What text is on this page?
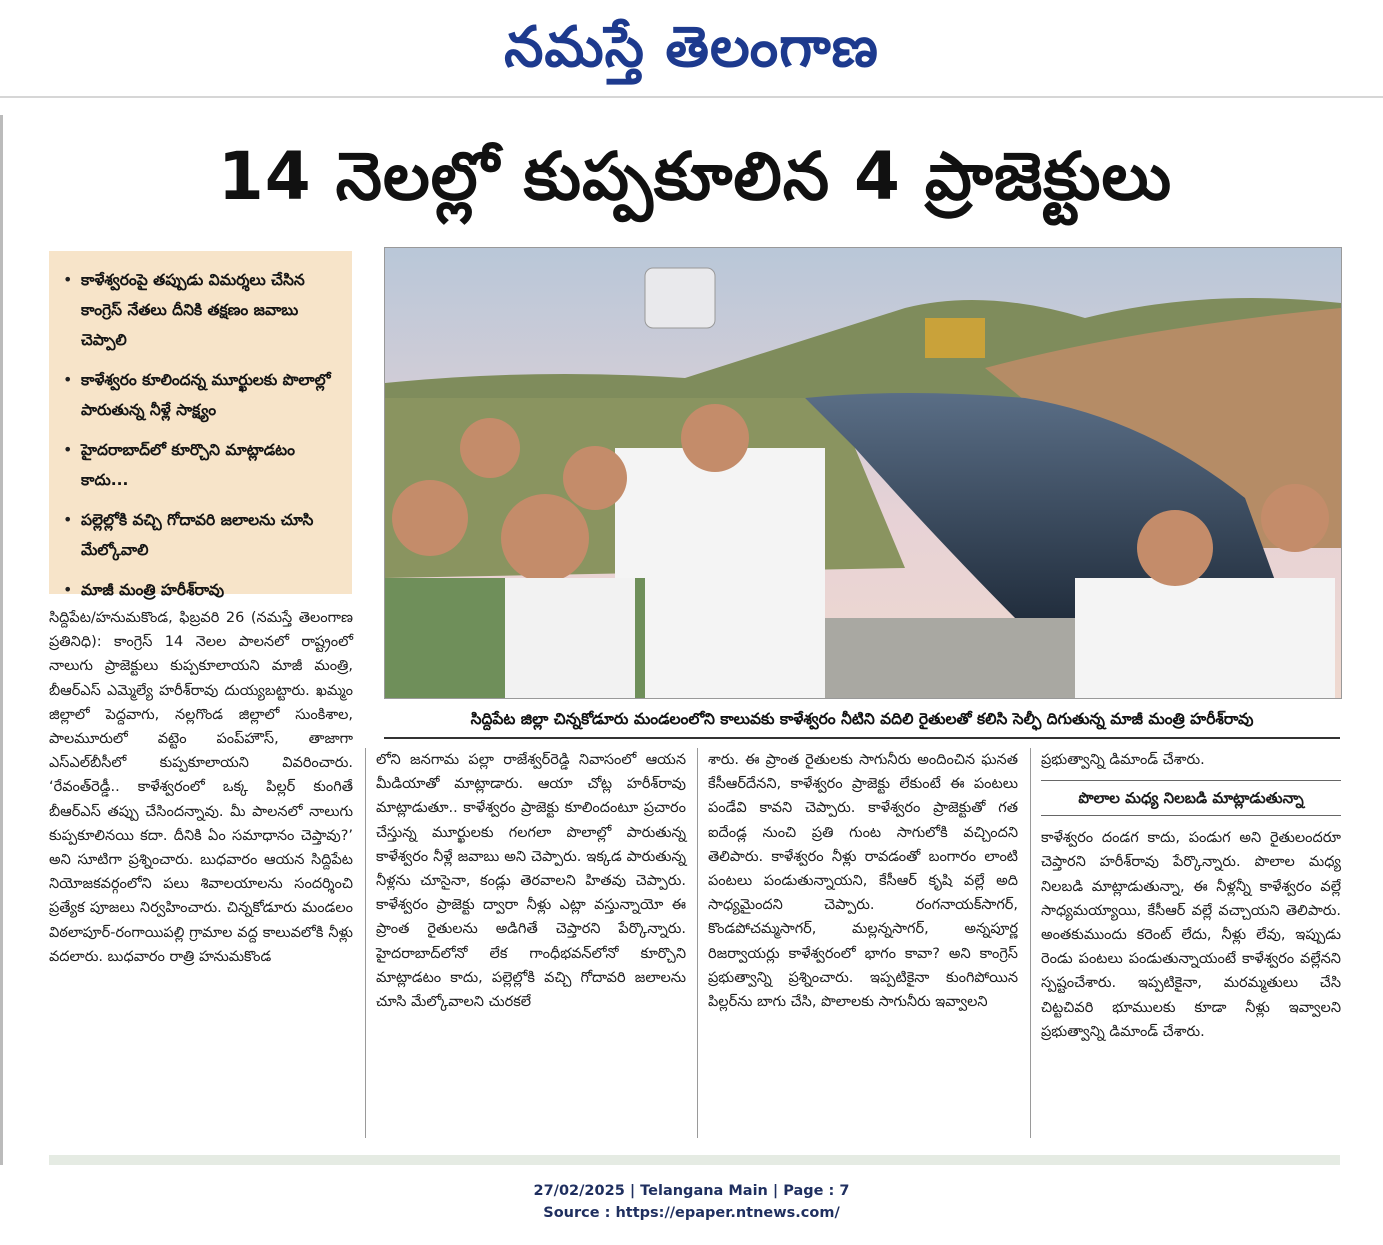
నమస్తే తెలంగాణ
14 నెలల్లో కుప్పకూలిన 4 ప్రాజెక్టులు
• కాళేశ్వరంపై తప్పుడు విమర్శలు చేసిన కాంగ్రెస్ నేతలు దీనికి తక్షణం జవాబు చెప్పాలి
• కాళేశ్వరం కూలిందన్న మూర్ఖులకు పొలాల్లో పారుతున్న నీళ్లే సాక్ష్యం
• హైదరాబాద్‌లో కూర్చొని మాట్లాడటం కాదు...
• పల్లెల్లోకి వచ్చి గోదావరి జలాలను చూసి మేల్కోవాలి
• మాజీ మంత్రి హరీశ్‌రావు
సిద్దిపేట జిల్లా చిన్నకోడూరు మండలంలోని కాలువకు కాళేశ్వరం నీటిని వదిలి రైతులతో కలిసి సెల్ఫీ దిగుతున్న మాజీ మంత్రి హరీశ్‌రావు

సిద్దిపేట/హనుమకొండ, ఫిబ్రవరి 26 (నమస్తే తెలంగాణ ప్రతినిధి): కాంగ్రెస్ 14 నెలల పాలనలో రాష్ట్రంలో నాలుగు ప్రాజెక్టులు కుప్పకూలాయని మాజీ మంత్రి, బీఆర్‌ఎస్ ఎమ్మెల్యే హరీశ్‌రావు దుయ్యబట్టారు. ఖమ్మం జిల్లాలో పెద్దవాగు, నల్లగొండ జిల్లాలో సుంకిశాల, పాలమూరులో వట్టెం పంప్‌హౌస్, తాజాగా ఎస్‌ఎల్‌బీసీలో కుప్పకూలాయని వివరించారు. ‘రేవంత్‌రెడ్డీ.. కాళేశ్వరంలో ఒక్క పిల్లర్ కుంగితే బీఆర్‌ఎస్ తప్పు చేసిందన్నావు. మీ పాలనలో నాలుగు కుప్పకూలినయి కదా. దీనికి ఏం సమాధానం చెప్తావు?’ అని సూటిగా ప్రశ్నించారు. బుధవారం ఆయన సిద్దిపేట నియోజకవర్గంలోని పలు శివాలయాలను సందర్శించి ప్రత్యేక పూజలు నిర్వహించారు. చిన్నకోడూరు మండలం విఠలాపూర్-రంగాయిపల్లి గ్రామాల వద్ద కాలువలోకి నీళ్లు వదలారు. బుధవారం రాత్రి హనుమకొండ

లోని జనగామ పల్లా రాజేశ్వర్‌రెడ్డి నివాసంలో ఆయన మీడియాతో మాట్లాడారు. ఆయా చోట్ల హరీశ్‌రావు మాట్లాడుతూ.. కాళేశ్వరం ప్రాజెక్టు కూలిందంటూ ప్రచారం చేస్తున్న మూర్ఖులకు గలగలా పొలాల్లో పారుతున్న కాళేశ్వరం నీళ్లే జవాబు అని చెప్పారు. ఇక్కడ పారుతున్న నీళ్లను చూసైనా, కండ్లు తెరవాలని హితవు చెప్పారు. కాళేశ్వరం ప్రాజెక్టు ద్వారా నీళ్లు ఎట్లా వస్తున్నాయో ఈ ప్రాంత రైతులను అడిగితే చెప్తారని పేర్కొన్నారు. హైదరాబాద్‌లోనో లేక గాంధీభవన్‌లోనో కూర్చొని మాట్లాడటం కాదు, పల్లెల్లోకి వచ్చి గోదావరి జలాలను చూసి మేల్కోవాలని చురకలే

శారు. ఈ ప్రాంత రైతులకు సాగునీరు అందించిన ఘనత కేసీఆర్‌దేనని, కాళేశ్వరం ప్రాజెక్టు లేకుంటే ఈ పంటలు పండేవి కావని చెప్పారు. కాళేశ్వరం ప్రాజెక్టుతో గత ఐదేండ్ల నుంచి ప్రతి గుంట సాగులోకి వచ్చిందని తెలిపారు. కాళేశ్వరం నీళ్లు రావడంతో బంగారం లాంటి పంటలు పండుతున్నాయని, కేసీఆర్ కృషి వల్లే అది సాధ్యమైందని చెప్పారు. రంగనాయక్‌సాగర్, కొండపోచమ్మసాగర్, మల్లన్నసాగర్, అన్నపూర్ణ రిజర్వాయర్లు కాళేశ్వరంలో భాగం కావా? అని కాంగ్రెస్ ప్రభుత్వాన్ని ప్రశ్నించారు. ఇప్పటికైనా కుంగిపోయిన పిల్లర్‌ను బాగు చేసి, పొలాలకు సాగునీరు ఇవ్వాలని

ప్రభుత్వాన్ని డిమాండ్ చేశారు.

పొలాల మధ్య నిలబడి మాట్లాడుతున్నా

కాళేశ్వరం దండగ కాదు, పండుగ అని రైతులందరూ చెప్తారని హరీశ్‌రావు పేర్కొన్నారు. పొలాల మధ్య నిలబడి మాట్లాడుతున్నా, ఈ నీళ్లన్నీ కాళేశ్వరం వల్లే సాధ్యమయ్యాయి, కేసీఆర్ వల్లే వచ్చాయని తెలిపారు. అంతకుముందు కరెంట్ లేదు, నీళ్లు లేవు, ఇప్పుడు రెండు పంటలు పండుతున్నాయంటే కాళేశ్వరం వల్లేనని స్పష్టంచేశారు. ఇప్పటికైనా, మరమ్మతులు చేసి చిట్టచివరి భూములకు కూడా నీళ్లు ఇవ్వాలని ప్రభుత్వాన్ని డిమాండ్ చేశారు.

27/02/2025 | Telangana Main | Page : 7
Source : https://epaper.ntnews.com/
